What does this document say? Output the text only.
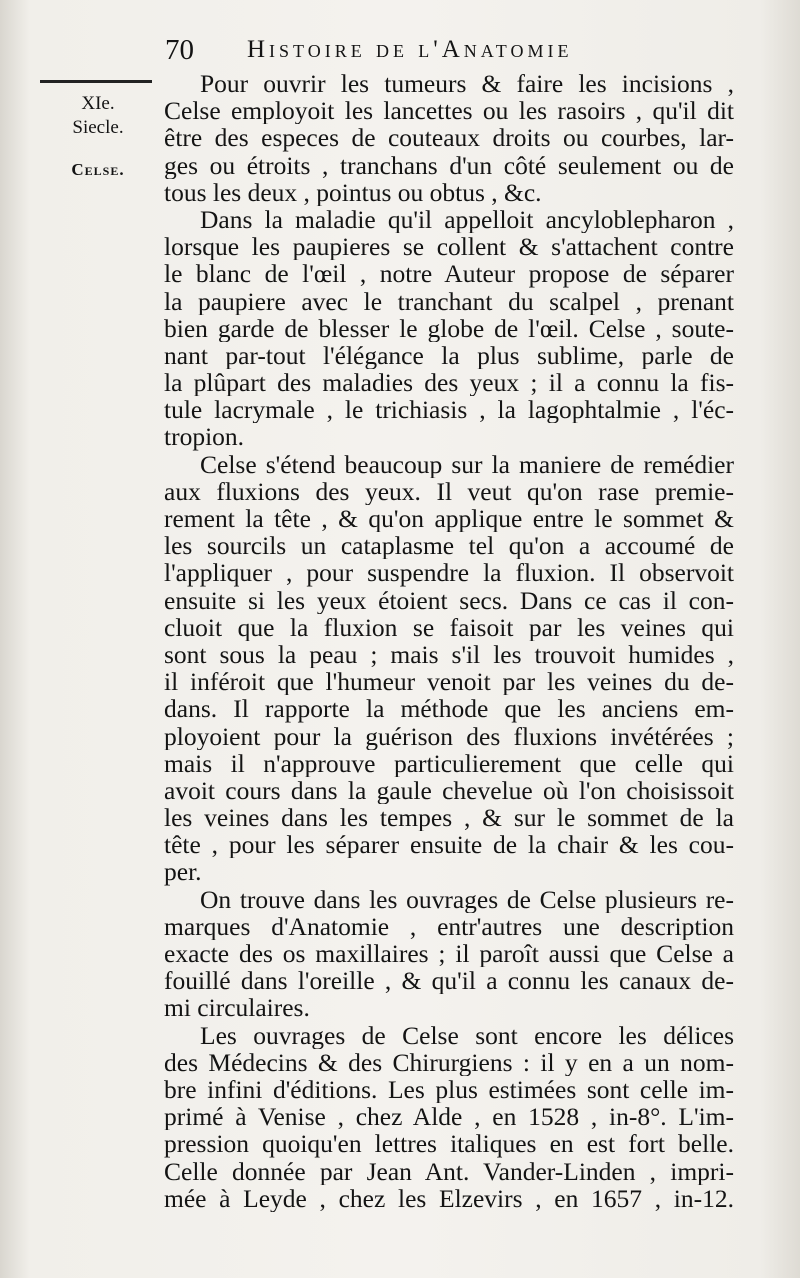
70 Histoire de l'Anatomie
XIe. Siecle.
Celse.
Pour ouvrir les tumeurs & faire les incisions ,
Celse employoit les lancettes ou les rasoirs , qu'il dit
être des especes de couteaux droits ou courbes, lar-
ges ou étroits , tranchans d'un côté seulement ou de
tous les deux , pointus ou obtus , &c.
Dans la maladie qu'il appelloit ancyloblepharon ,
lorsque les paupieres se collent & s'attachent contre
le blanc de l'œil , notre Auteur propose de séparer
la paupiere avec le tranchant du scalpel , prenant
bien garde de blesser le globe de l'œil. Celse , soute-
nant par-tout l'élégance la plus sublime, parle de
la plûpart des maladies des yeux ; il a connu la fis-
tule lacrymale , le trichiasis , la lagophtalmie , l'éc-
tropion.
Celse s'étend beaucoup sur la maniere de remédier
aux fluxions des yeux. Il veut qu'on rase premie-
rement la tête , & qu'on applique entre le sommet &
les sourcils un cataplasme tel qu'on a accoumé de
l'appliquer , pour suspendre la fluxion. Il observoit
ensuite si les yeux étoient secs. Dans ce cas il con-
cluoit que la fluxion se faisoit par les veines qui
sont sous la peau ; mais s'il les trouvoit humides ,
il inféroit que l'humeur venoit par les veines du de-
dans. Il rapporte la méthode que les anciens em-
ployoient pour la guérison des fluxions invétérées ;
mais il n'approuve particulierement que celle qui
avoit cours dans la gaule chevelue où l'on choisissoit
les veines dans les tempes , & sur le sommet de la
tête , pour les séparer ensuite de la chair & les cou-
per.
On trouve dans les ouvrages de Celse plusieurs re-
marques d'Anatomie , entr'autres une description
exacte des os maxillaires ; il paroît aussi que Celse a
fouillé dans l'oreille , & qu'il a connu les canaux de-
mi circulaires.
Les ouvrages de Celse sont encore les délices
des Médecins & des Chirurgiens : il y en a un nom-
bre infini d'éditions. Les plus estimées sont celle im-
primé à Venise , chez Alde , en 1528 , in-8°. L'im-
pression quoiqu'en lettres italiques en est fort belle.
Celle donnée par Jean Ant. Vander-Linden , impri-
mée à Leyde , chez les Elzevirs , en 1657 , in-12.
